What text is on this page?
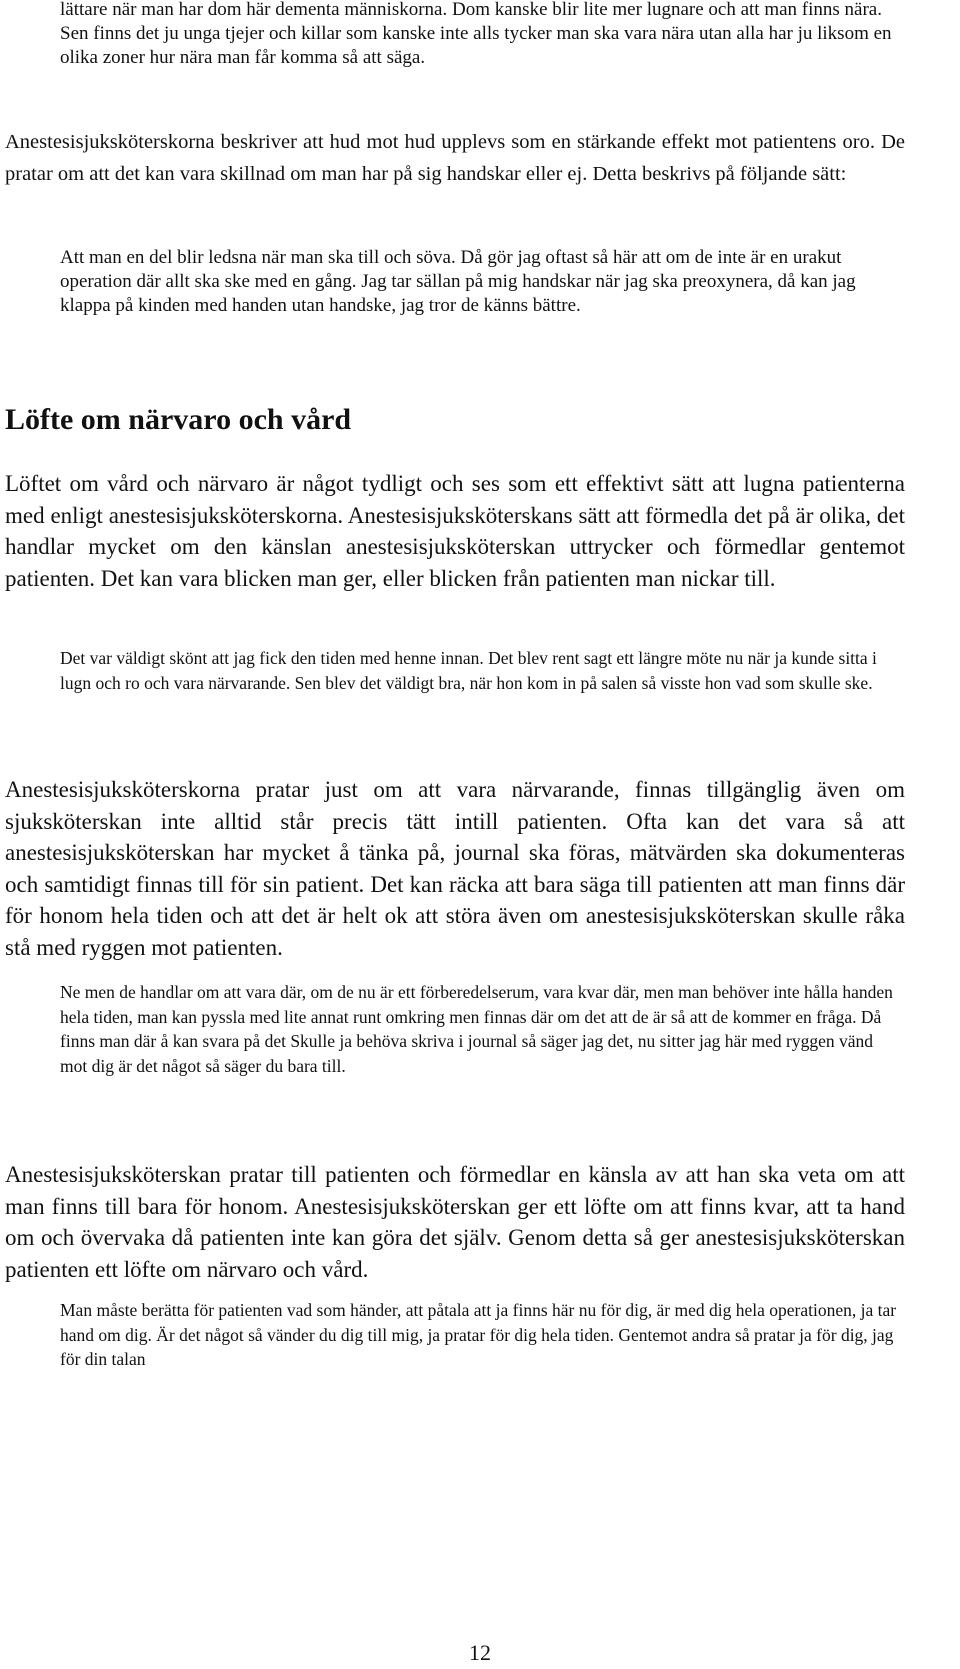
lättare när man har dom här dementa människorna. Dom kanske blir lite mer lugnare och att man finns nära. Sen finns det ju unga tjejer och killar som kanske inte alls tycker man ska vara nära utan alla har ju liksom en olika zoner hur nära man får komma så att säga.

Anestesisjuksköterskorna beskriver att hud mot hud upplevs som en stärkande effekt mot patientens oro. De pratar om att det kan vara skillnad om man har på sig handskar eller ej. Detta beskrivs på följande sätt:

Att man en del blir ledsna när man ska till och söva. Då gör jag oftast så här att om de inte är en urakut operation där allt ska ske med en gång. Jag tar sällan på mig handskar när jag ska preoxynera, då kan jag klappa på kinden med handen utan handske, jag tror de känns bättre.

Löfte om närvaro och vård

Löftet om vård och närvaro är något tydligt och ses som ett effektivt sätt att lugna patienterna med enligt anestesisjuksköterskorna. Anestesisjuksköterskans sätt att förmedla det på är olika, det handlar mycket om den känslan anestesisjuksköterskan uttrycker och förmedlar gentemot patienten. Det kan vara blicken man ger, eller blicken från patienten man nickar till.

Det var väldigt skönt att jag fick den tiden med henne innan. Det blev rent sagt ett längre möte nu när ja kunde sitta i lugn och ro och vara närvarande. Sen blev det väldigt bra, när hon kom in på salen så visste hon vad som skulle ske.

Anestesisjuksköterskorna pratar just om att vara närvarande, finnas tillgänglig även om sjuksköterskan inte alltid står precis tätt intill patienten. Ofta kan det vara så att anestesisjuksköterskan har mycket å tänka på, journal ska föras, mätvärden ska dokumenteras och samtidigt finnas till för sin patient. Det kan räcka att bara säga till patienten att man finns där för honom hela tiden och att det är helt ok att störa även om anestesisjuksköterskan skulle råka stå med ryggen mot patienten.

Ne men de handlar om att vara där, om de nu är ett förberedelserum, vara kvar där, men man behöver inte hålla handen hela tiden, man kan pyssla med lite annat runt omkring men finnas där om det att de är så att de kommer en fråga. Då finns man där å kan svara på det Skulle ja behöva skriva i journal så säger jag det, nu sitter jag här med ryggen vänd mot dig är det något så säger du bara till.

Anestesisjuksköterskan pratar till patienten och förmedlar en känsla av att han ska veta om att man finns till bara för honom. Anestesisjuksköterskan ger ett löfte om att finns kvar, att ta hand om och övervaka då patienten inte kan göra det själv. Genom detta så ger anestesisjuksköterskan patienten ett löfte om närvaro och vård.

Man måste berätta för patienten vad som händer, att påtala att ja finns här nu för dig, är med dig hela operationen, ja tar hand om dig. Är det något så vänder du dig till mig, ja pratar för dig hela tiden. Gentemot andra så pratar ja för dig, jag för din talan

12
